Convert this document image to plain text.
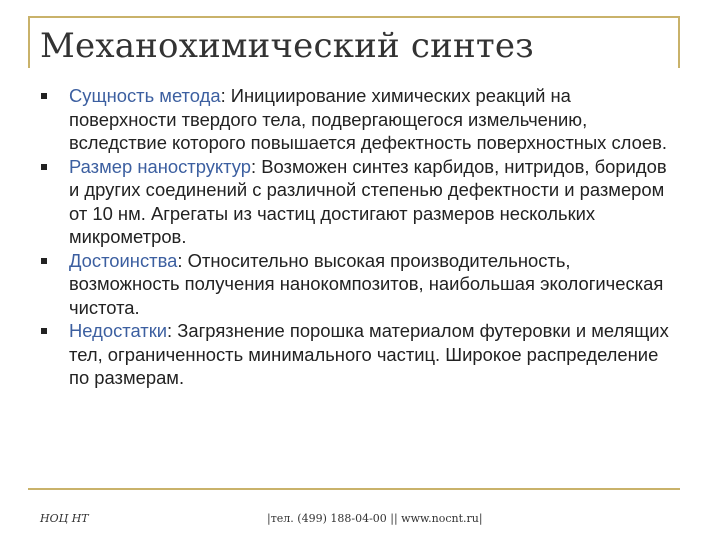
Механохимический синтез
Сущность метода: Инициирование химических реакций на поверхности твердого тела, подвергающегося измельчению, вследствие которого повышается дефектность поверхностных слоев.
Размер наноструктур: Возможен синтез карбидов, нитридов, боридов и других соединений с различной степенью дефектности и размером от 10 нм. Агрегаты из частиц достигают размеров нескольких микрометров.
Достоинства: Относительно высокая производительность, возможность получения нанокомпозитов, наибольшая экологическая чистота.
Недостатки: Загрязнение порошка материалом футеровки и мелящих тел, ограниченность минимального частиц. Широкое распределение по размерам.
НОЦ НТ	|тел. (499) 188-04-00 || www.nocnt.ru|
